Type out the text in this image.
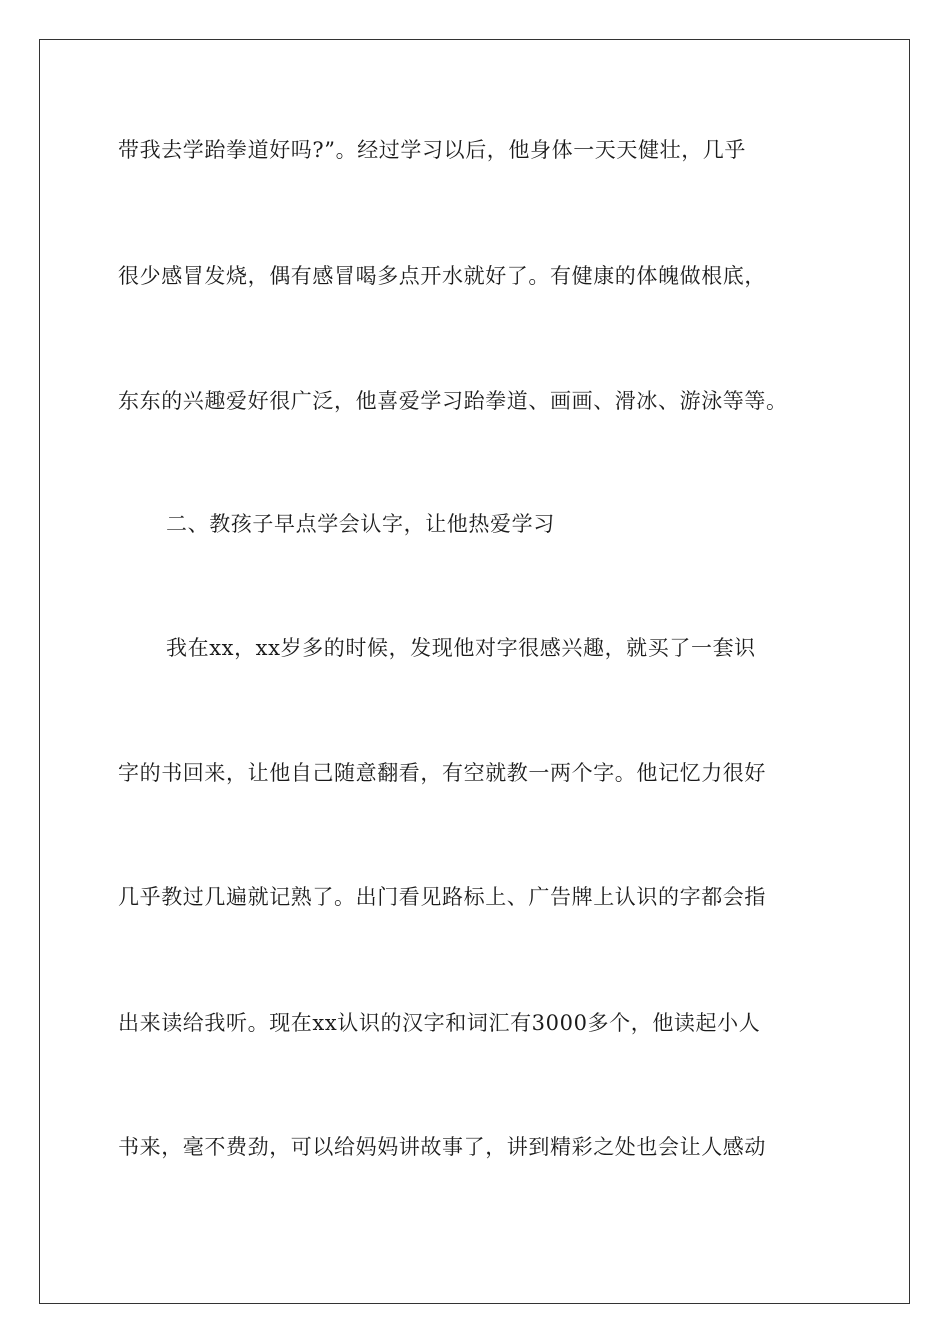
带我去学跆拳道好吗?”。经过学习以后，他身体一天天健壮，几乎
很少感冒发烧，偶有感冒喝多点开水就好了。有健康的体魄做根底，
东东的兴趣爱好很广泛，他喜爱学习跆拳道、画画、滑冰、游泳等等。
二、教孩子早点学会认字，让他热爱学习
我在xx，xx岁多的时候，发现他对字很感兴趣，就买了一套识
字的书回来，让他自己随意翻看，有空就教一两个字。他记忆力很好
几乎教过几遍就记熟了。出门看见路标上、广告牌上认识的字都会指
出来读给我听。现在xx认识的汉字和词汇有3000多个，他读起小人
书来，毫不费劲，可以给妈妈讲故事了，讲到精彩之处也会让人感动
